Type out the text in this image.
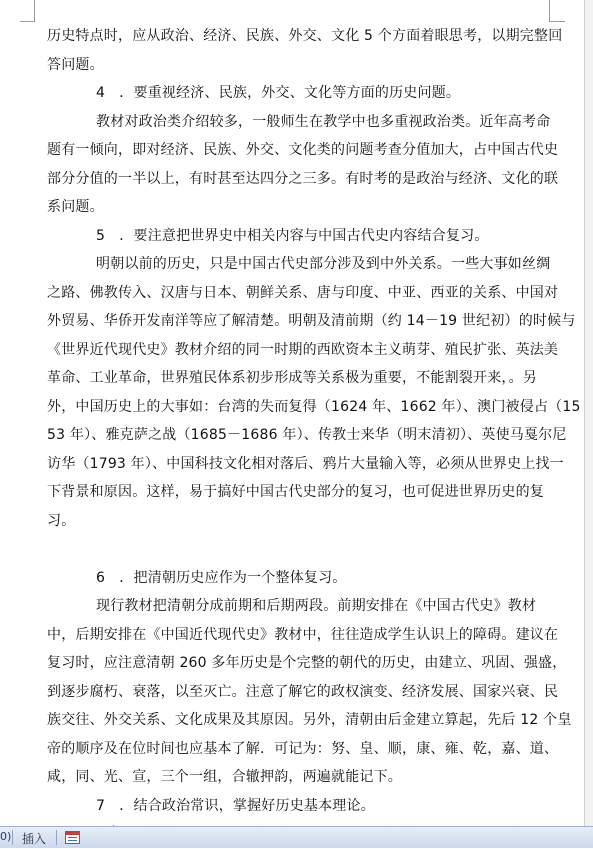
历史特点时，应从政治、经济、民族、外交、文化 5 个方面着眼思考，以期完整回
答问题。
4　．要重视经济、民族，外交、文化等方面的历史问题。
教材对政治类介绍较多，一般师生在教学中也多重视政治类。近年高考命
题有一倾向，即对经济、民族、外交、文化类的问题考查分值加大，占中国古代史
部分分值的一半以上，有时甚至达四分之三多。有时考的是政治与经济、文化的联
系问题。
5　．要注意把世界史中相关内容与中国古代史内容结合复习。
明朝以前的历史，只是中国古代史部分涉及到中外关系。一些大事如丝绸
之路、佛教传入、汉唐与日本、朝鲜关系、唐与印度、中亚、西亚的关系、中国对
外贸易、华侨开发南洋等应了解清楚。明朝及清前期（约 14－19 世纪初）的时候与
《世界近代现代史》教材介绍的同一时期的西欧资本主义萌芽、殖民扩张、英法美
革命、工业革命，世界殖民体系初步形成等关系极为重要，不能割裂开来，。另
外，中国历史上的大事如：台湾的失而复得（1624 年、1662 年）、澳门被侵占（15
53 年）、雅克萨之战（1685－1686 年）、传教士来华（明末清初）、英使马戛尔尼
访华（1793 年）、中国科技文化相对落后、鸦片大量输入等，必须从世界史上找一
下背景和原因。这样，易于搞好中国古代史部分的复习，也可促进世界历史的复
习。
6　．把清朝历史应作为一个整体复习。
现行教材把清朝分成前期和后期两段。前期安排在《中国古代史》教材
中，后期安排在《中国近代现代史》教材中，往往造成学生认识上的障碍。建议在
复习时，应注意清朝 260 多年历史是个完整的朝代的历史，由建立、巩固、强盛，
到逐步腐朽、衰落，以至灭亡。注意了解它的政权演变、经济发展、国家兴衰、民
族交往、外交关系、文化成果及其原因。另外，清朝由后金建立算起，先后 12 个皇
帝的顺序及在位时间也应基本了解．可记为：努、皇、顺，康、雍、乾，嘉、道、
咸，同、光、宣，三个一组，合辙押韵，两遍就能记下。
7　．结合政治常识，掌握好历史基本理论。
0) 插入
